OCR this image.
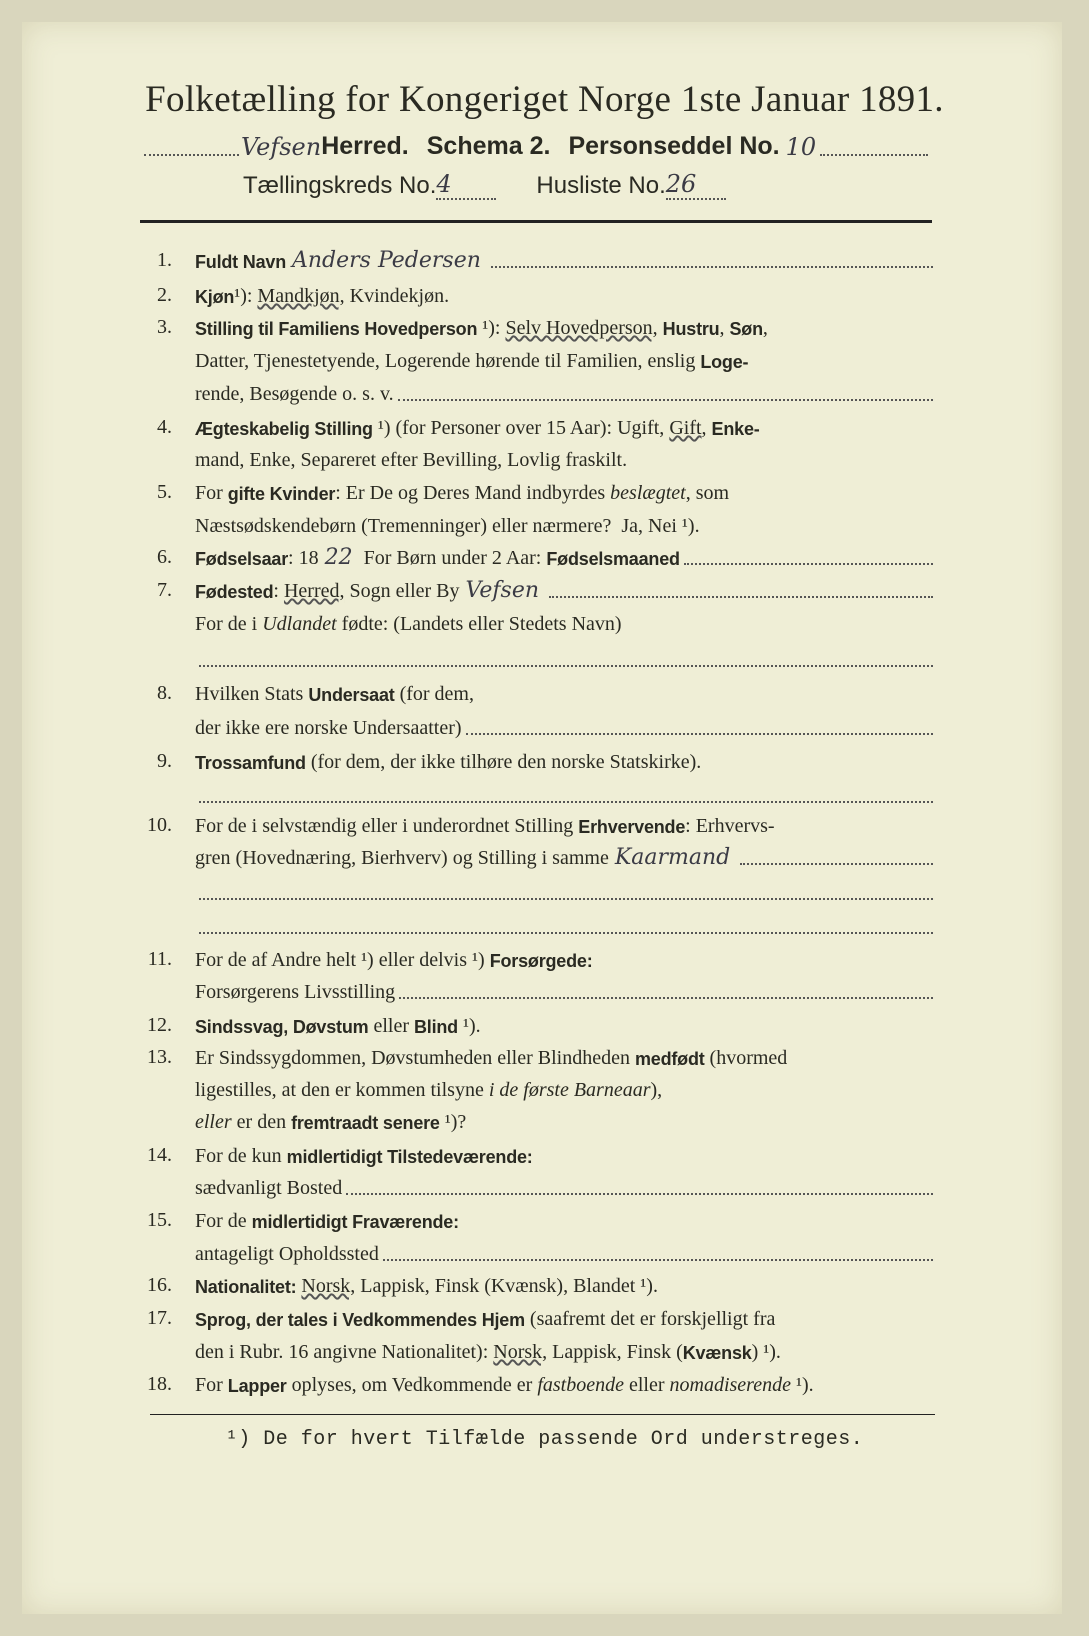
Folketælling for Kongeriget Norge 1ste Januar 1891.
Vefsen Herred. Schema 2. Personseddel No. 10
Tællingskreds No. 4	Husliste No. 26
1. Fuldt Navn Anders Pedersen
2. Kjøn ¹): Mandkjøn, Kvindekjøn.
3. Stilling til Familiens Hovedperson ¹): Selv Hovedperson,
Hustru , Søn ,
Datter, Tjenestetyende, Logerende hørende til Familien, enslig Loge-
rende, Besøgende o. s. v.
4. Ægteskabelig Stilling ¹) (for Personer over 15 Aar): Ugift, Gift , Enke-
mand, Enke, Separeret efter Bevilling, Lovlig fraskilt.
5. For gifte Kvinder : Er De og Deres Mand indbyrdes beslægtet , som
Næstsødskendebørn (Tremenninger) eller nærmere?  Ja, Nei ¹).
6. Fødselsaar : 18 22 For Børn under 2 Aar: Fødselsmaaned
7. Fødested : Herred, Sogn eller By Vefsen
For de i Udlandet fødte: (Landets eller Stedets Navn)
8. Hvilken Stats Undersaat (for dem,
der ikke ere norske Undersaatter)
9. Trossamfund (for dem, der ikke tilhøre den norske Statskirke).
10. For de i selvstændig eller i underordnet Stilling Erhvervende : Erhvervs-
gren (Hovednæring, Bierhverv) og Stilling i samme Kaarmand
11. For de af Andre helt ¹) eller delvis ¹) Forsørgede:
Forsørgerens Livsstilling
12. Sindssvag, Døvstum eller Blind ¹).
13. Er Sindssygdommen, Døvstumheden eller Blindheden medfødt (hvormed
ligestilles, at den er kommen tilsyne i de første Barneaar ),
eller er den fremtraadt senere ¹)?
14. For de kun midlertidigt Tilstedeværende:
sædvanligt Bosted
15. For de midlertidigt Fraværende:
antageligt Opholdssted
16. Nationalitet:
Norsk, Lappisk, Finsk (Kvænsk), Blandet ¹).
17. Sprog, der tales i Vedkommendes Hjem (saafremt det er forskjelligt fra
den i Rubr. 16 angivne Nationalitet): Norsk, Lappisk, Finsk ( Kvænsk ) ¹).
18. For Lapper oplyses, om Vedkommende er fastboende eller nomadiserende ¹).
¹) De for hvert Tilfælde passende Ord understreges.
